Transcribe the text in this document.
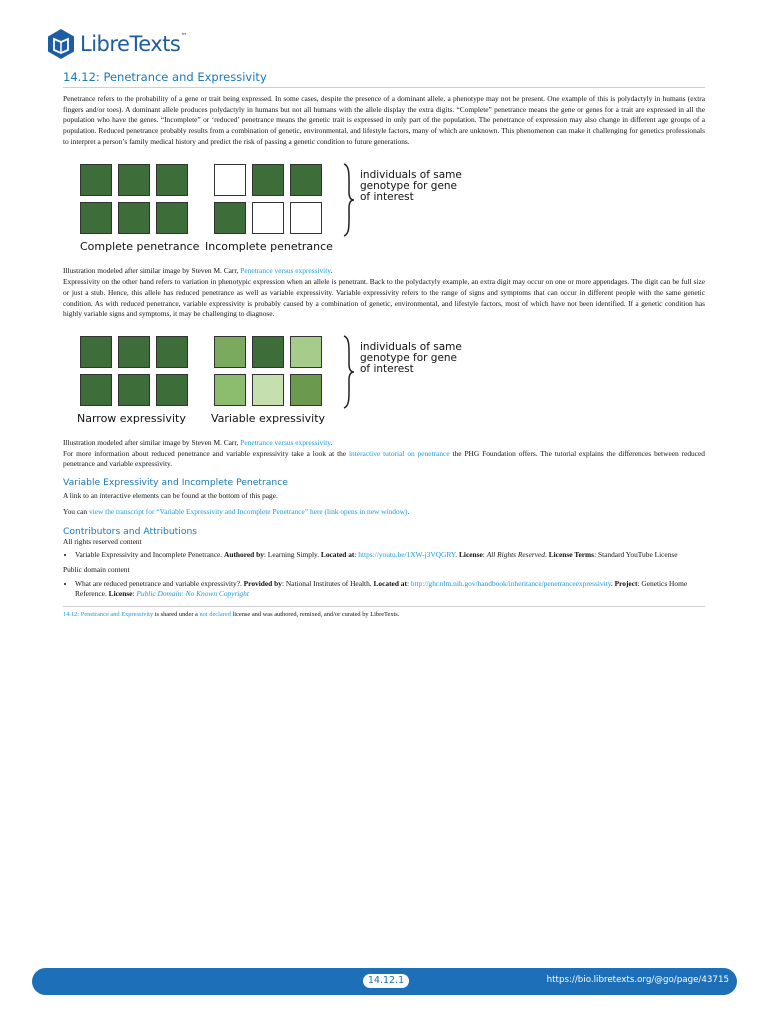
LibreTexts™
14.12: Penetrance and Expressivity

Penetrance refers to the probability of a gene or trait being expressed. In some cases, despite the presence of a dominant allele, a phenotype may not be present. One example of this is polydactyly in humans (extra fingers and/or toes). A dominant allele produces polydactyly in humans but not all humans with the allele display the extra digits. “Complete” penetrance means the gene or genes for a trait are expressed in all the population who have the genes. “Incomplete” or ‘reduced’ penetrance means the genetic trait is expressed in only part of the population. The penetrance of expression may also change in different age groups of a population. Reduced penetrance probably results from a combination of genetic, environmental, and lifestyle factors, many of which are unknown. This phenomenon can make it challenging for genetics professionals to interpret a person’s family medical history and predict the risk of passing a genetic condition to future generations.

Complete penetrance Incomplete penetrance
individuals of same genotype for gene of interest

Illustration modeled after similar image by Steven M. Carr, Penetrance versus expressivity.

Expressivity on the other hand refers to variation in phenotypic expression when an allele is penetrant. Back to the polydactyly example, an extra digit may occur on one or more appendages. The digit can be full size or just a stub. Hence, this allele has reduced penetrance as well as variable expressivity. Variable expressivity refers to the range of signs and symptoms that can occur in different people with the same genetic condition. As with reduced penetrance, variable expressivity is probably caused by a combination of genetic, environmental, and lifestyle factors, most of which have not been identified. If a genetic condition has highly variable signs and symptoms, it may be challenging to diagnose.

Narrow expressivity Variable expressivity
individuals of same genotype for gene of interest

Illustration modeled after similar image by Steven M. Carr, Penetrance versus expressivity.

For more information about reduced penetrance and variable expressivity take a look at the interactive tutorial on penetrance the PHG Foundation offers. The tutorial explains the differences between reduced penetrance and variable expressivity.

Variable Expressivity and Incomplete Penetrance

A link to an interactive elements can be found at the bottom of this page.

You can view the transcript for “Variable Expressivity and Incomplete Penetrance” here (link opens in new window).

Contributors and Attributions

All rights reserved content

• Variable Expressivity and Incomplete Penetrance. Authored by: Learning Simply. Located at: https://youtu.be/1XW-j3VQGRY. License: All Rights Reserved. License Terms: Standard YouTube License

Public domain content

• What are reduced penetrance and variable expressivity?. Provided by: National Institutes of Health. Located at: http://ghr.nlm.nih.gov/handbook/inheritance/penetranceexpressivity. Project: Genetics Home Reference. License: Public Domain: No Known Copyright
14.12: Penetrance and Expressivity is shared under a not declared license and was authored, remixed, and/or curated by LibreTexts.
14.12.1	https://bio.libretexts.org/@go/page/43715
